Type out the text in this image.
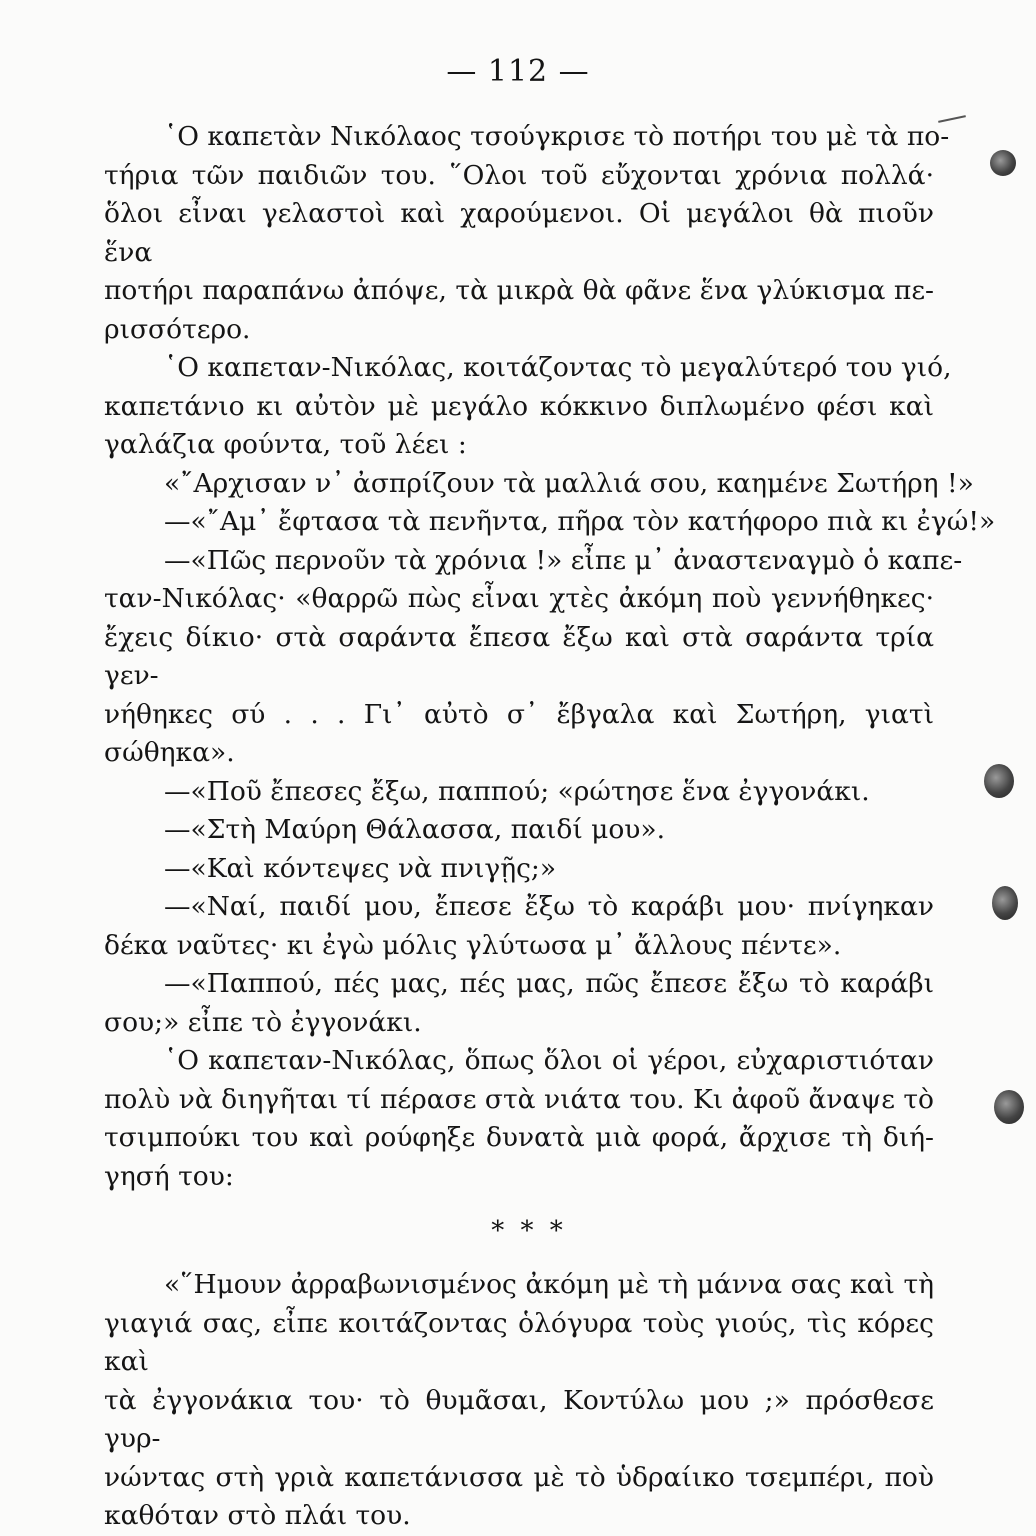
— 112 —
῾Ο καπετὰν Νικόλαος τσούγκρισε τὸ ποτήρι του μὲ τὰ πο-
τήρια τῶν παιδιῶν του. ῞Ολοι τοῦ εὔχονται χρόνια πολλά·
ὅλοι εἶναι γελαστοὶ καὶ χαρούμενοι. Οἱ μεγάλοι θὰ πιοῦν ἕνα
ποτήρι παραπάνω ἀπόψε, τὰ μικρὰ θὰ φᾶνε ἕνα γλύκισμα πε-
ρισσότερο.
῾Ο καπεταν-Νικόλας, κοιτάζοντας τὸ μεγαλύτερό του γιό,
καπετάνιο κι αὐτὸν μὲ μεγάλο κόκκινο διπλωμένο φέσι καὶ
γαλάζια φούντα, τοῦ λέει :
«῎Αρχισαν ν᾽ ἀσπρίζουν τὰ μαλλιά σου, καημένε Σωτήρη !»
—«῎Αμ᾽ ἔφτασα τὰ πενῆντα, πῆρα τὸν κατήφορο πιὰ κι ἐγώ!»
—«Πῶς περνοῦν τὰ χρόνια !» εἶπε μ᾽ ἀναστεναγμὸ ὁ καπε-
ταν-Νικόλας· «θαρρῶ πὼς εἶναι χτὲς ἀκόμη ποὺ γεννήθηκες·
ἔχεις δίκιο· στὰ σαράντα ἔπεσα ἔξω καὶ στὰ σαράντα τρία γεν-
νήθηκες σύ . . . Γι᾽ αὐτὸ σ᾽ ἔβγαλα καὶ Σωτήρη, γιατὶ σώθηκα».
—«Ποῦ ἔπεσες ἔξω, παππού; «ρώτησε ἕνα ἐγγονάκι.
—«Στὴ Μαύρη Θάλασσα, παιδί μου».
—«Καὶ κόντεψες νὰ πνιγῇς;»
—«Ναί, παιδί μου, ἔπεσε ἔξω τὸ καράβι μου· πνίγηκαν
δέκα ναῦτες· κι ἐγὼ μόλις γλύτωσα μ᾽ ἄλλους πέντε».
—«Παππού, πές μας, πές μας, πῶς ἔπεσε ἔξω τὸ καράβι
σου;» εἶπε τὸ ἐγγονάκι.
῾Ο καπεταν-Νικόλας, ὅπως ὅλοι οἱ γέροι, εὐχαριστιόταν
πολὺ νὰ διηγῆται τί πέρασε στὰ νιάτα του. Κι ἀφοῦ ἄναψε τὸ
τσιμπούκι του καὶ ρούφηξε δυνατὰ μιὰ φορά, ἄρχισε τὴ διή-
γησή του:
* * *
«῞Ημουν ἀρραβωνισμένος ἀκόμη μὲ τὴ μάννα σας καὶ τὴ
γιαγιά σας, εἶπε κοιτάζοντας ὁλόγυρα τοὺς γιούς, τὶς κόρες καὶ
τὰ ἐγγονάκια του· τὸ θυμᾶσαι, Κοντύλω μου ;» πρόσθεσε γυρ-
νώντας στὴ γριὰ καπετάνισσα μὲ τὸ ὑδραίικο τσεμπέρι, ποὺ
καθόταν στὸ πλάι του.
